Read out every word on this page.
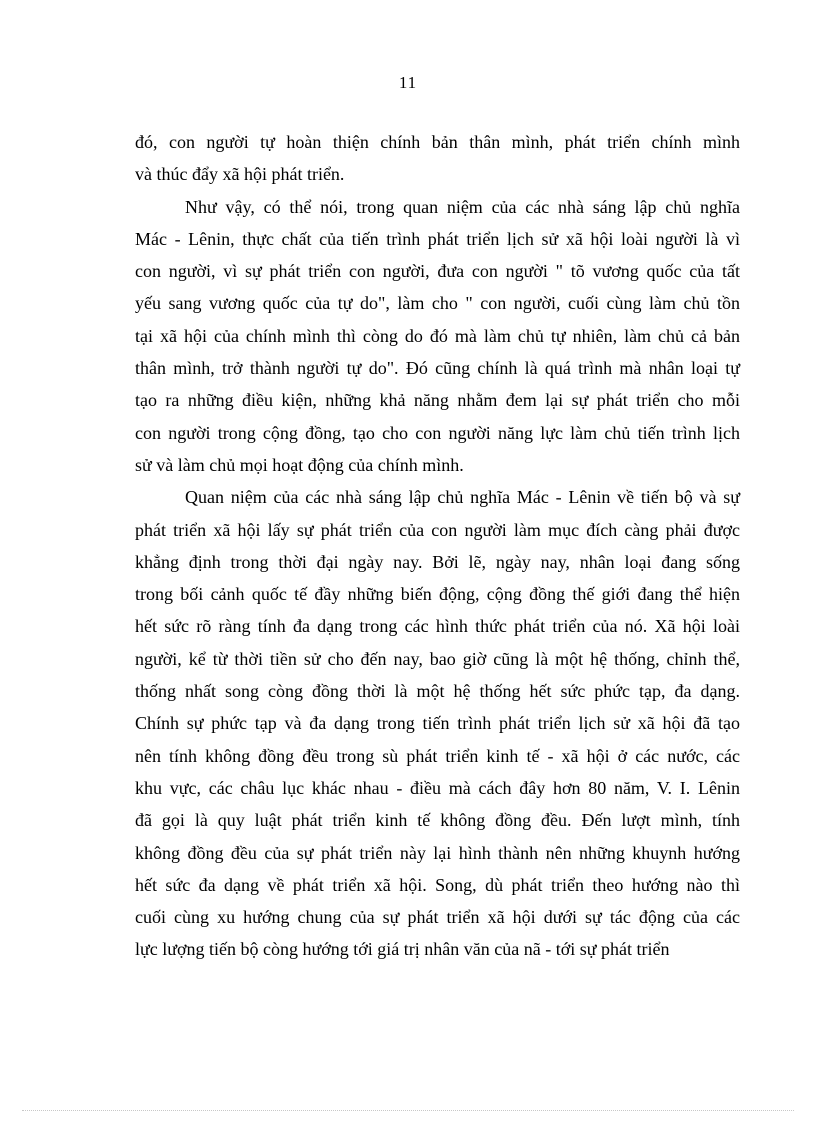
11
đó, con người tự hoàn thiện chính bản thân mình, phát triển chính mình
và thúc đẩy xã hội phát triển.
Như vậy, có thể nói, trong quan niệm của các nhà sáng lập chủ nghĩa
Mác - Lênin, thực chất của tiến trình phát triển lịch sử xã hội loài người là vì
con người, vì sự phát triển con người, đưa con người " tõ vương quốc của tất
yếu sang vương quốc của tự do", làm cho " con người, cuối cùng làm chủ tồn
tại xã hội của chính mình thì còng do đó mà làm chủ tự nhiên, làm chủ cả bản
thân mình, trở thành người tự do". Đó cũng chính là quá trình mà nhân loại tự
tạo ra những điều kiện, những khả năng nhằm đem lại sự phát triển cho mỗi
con người trong cộng đồng, tạo cho con người năng lực làm chủ tiến trình lịch
sử và làm chủ mọi hoạt động của chính mình.
Quan niệm của các nhà sáng lập chủ nghĩa Mác - Lênin về tiến bộ và sự
phát triển xã hội lấy sự phát triển của con người làm mục đích càng phải được
khẳng định trong thời đại ngày nay. Bởi lẽ, ngày nay, nhân loại đang sống
trong bối cảnh quốc tế đầy những biến động, cộng đồng thế giới đang thể hiện
hết sức rõ ràng tính đa dạng trong các hình thức phát triển của nó. Xã hội loài
người, kể từ thời tiền sử cho đến nay, bao giờ cũng là một hệ thống, chỉnh thể,
thống nhất song còng đồng thời là một hệ thống hết sức phức tạp, đa dạng.
Chính sự phức tạp và đa dạng trong tiến trình phát triển lịch sử xã hội đã tạo
nên tính không đồng đều trong sù phát triển kinh tế - xã hội ở các nước, các
khu vực, các châu lục khác nhau - điều mà cách đây hơn 80 năm, V. I. Lênin
đã gọi là quy luật phát triển kinh tế không đồng đều. Đến lượt mình, tính
không đồng đều của sự phát triển này lại hình thành nên những khuynh hướng
hết sức đa dạng về phát triển xã hội. Song, dù phát triển theo hướng nào thì
cuối cùng xu hướng chung của sự phát triển xã hội dưới sự tác động của các
lực lượng tiến bộ còng hướng tới giá trị nhân văn của nã - tới sự phát triển
